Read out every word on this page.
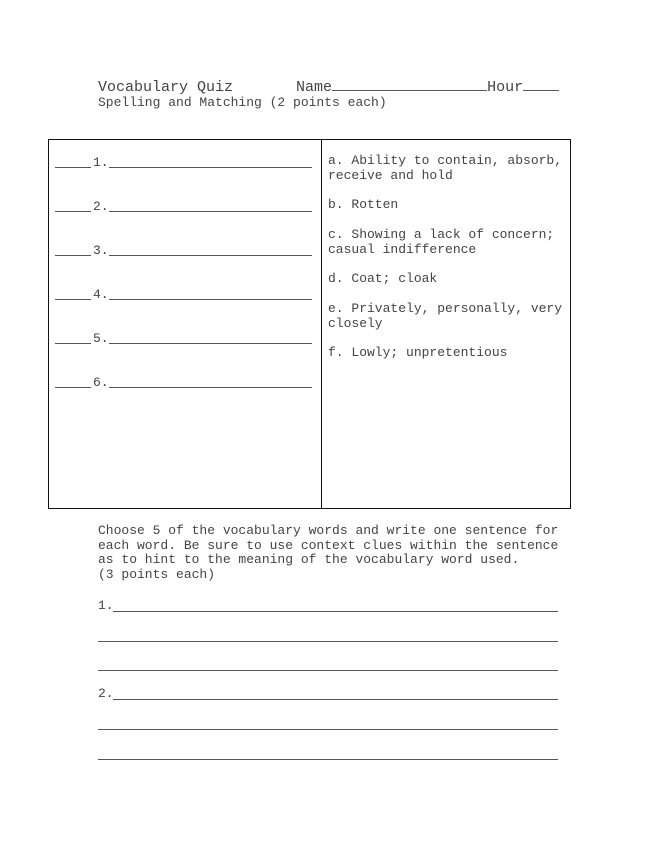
Vocabulary Quiz	Name	Hour
Spelling and Matching (2 points each)
1.
2.
3.
4.
5.
6.
a. Ability to contain, absorb, receive and hold
b. Rotten
c. Showing a lack of concern; casual indifference
d. Coat; cloak
e. Privately, personally, very closely
f. Lowly; unpretentious
Choose 5 of the vocabulary words and write one sentence for each word. Be sure to use context clues within the sentence as to hint to the meaning of the vocabulary word used.
(3 points each)
1.
2.
